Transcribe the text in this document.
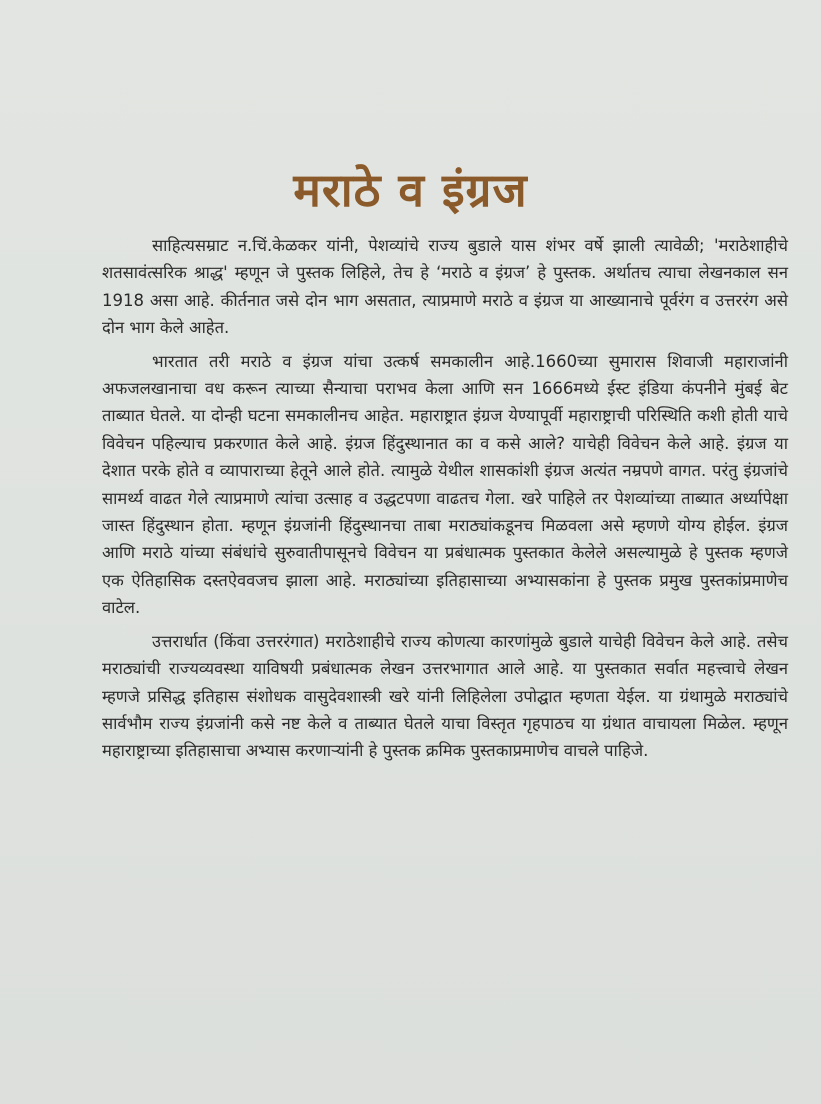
मराठे व इंग्रज

साहित्यसम्राट न.चिं.केळकर यांनी, पेशव्यांचे राज्य बुडाले यास शंभर वर्षे झाली त्यावेळी; 'मराठेशाहीचे शतसावंत्सरिक श्राद्ध' म्हणून जे पुस्तक लिहिले, तेच हे ‘मराठे व इंग्रज’ हे पुस्तक. अर्थातच त्याचा लेखनकाल सन 1918 असा आहे. कीर्तनात जसे दोन भाग असतात, त्याप्रमाणे मराठे व इंग्रज या आख्यानाचे पूर्वरंग व उत्तररंग असे दोन भाग केले आहेत.

भारतात तरी मराठे व इंग्रज यांचा उत्कर्ष समकालीन आहे.1660च्या सुमारास शिवाजी महाराजांनी अफजलखानाचा वध करून त्याच्या सैन्याचा पराभव केला आणि सन 1666मध्ये ईस्ट इंडिया कंपनीने मुंबई बेट ताब्यात घेतले. या दोन्ही घटना समकालीनच आहेत. महाराष्ट्रात इंग्रज येण्यापूर्वी महाराष्ट्राची परिस्थिति कशी होती याचे विवेचन पहिल्याच प्रकरणात केले आहे. इंग्रज हिंदुस्थानात का व कसे आले? याचेही विवेचन केले आहे. इंग्रज या देशात परके होते व व्यापाराच्या हेतूने आले होते. त्यामुळे येथील शासकांशी इंग्रज अत्यंत नम्रपणे वागत. परंतु इंग्रजांचे सामर्थ्य वाढत गेले त्याप्रमाणे त्यांचा उत्साह व उद्धटपणा वाढतच गेला. खरे पाहिले तर पेशव्यांच्या ताब्यात अर्ध्यापेक्षा जास्त हिंदुस्थान होता. म्हणून इंग्रजांनी हिंदुस्थानचा ताबा मराठ्यांकडूनच मिळवला असे म्हणणे योग्य होईल. इंग्रज आणि मराठे यांच्या संबंधांचे सुरुवातीपासूनचे विवेचन या प्रबंधात्मक पुस्तकात केलेले असल्यामुळे हे पुस्तक म्हणजे एक ऐतिहासिक दस्तऐववजच झाला आहे. मराठ्यांच्या इतिहासाच्या अभ्यासकांना हे पुस्तक प्रमुख पुस्तकांप्रमाणेच वाटेल.

उत्तरार्धात (किंवा उत्तररंगात) मराठेशाहीचे राज्य कोणत्या कारणांमुळे बुडाले याचेही विवेचन केले आहे. तसेच मराठ्यांची राज्यव्यवस्था याविषयी प्रबंधात्मक लेखन उत्तरभागात आले आहे. या पुस्तकात सर्वात महत्त्वाचे लेखन म्हणजे प्रसिद्ध इतिहास संशोधक वासुदेवशास्त्री खरे यांनी लिहिलेला उपोद्घात म्हणता येईल. या ग्रंथामुळे मराठ्यांचे सार्वभौम राज्य इंग्रजांनी कसे नष्ट केले व ताब्यात घेतले याचा विस्तृत गृहपाठच या ग्रंथात वाचायला मिळेल. म्हणून महाराष्ट्राच्या इतिहासाचा अभ्यास करणाऱ्यांनी हे पुस्तक क्रमिक पुस्तकाप्रमाणेच वाचले पाहिजे.
